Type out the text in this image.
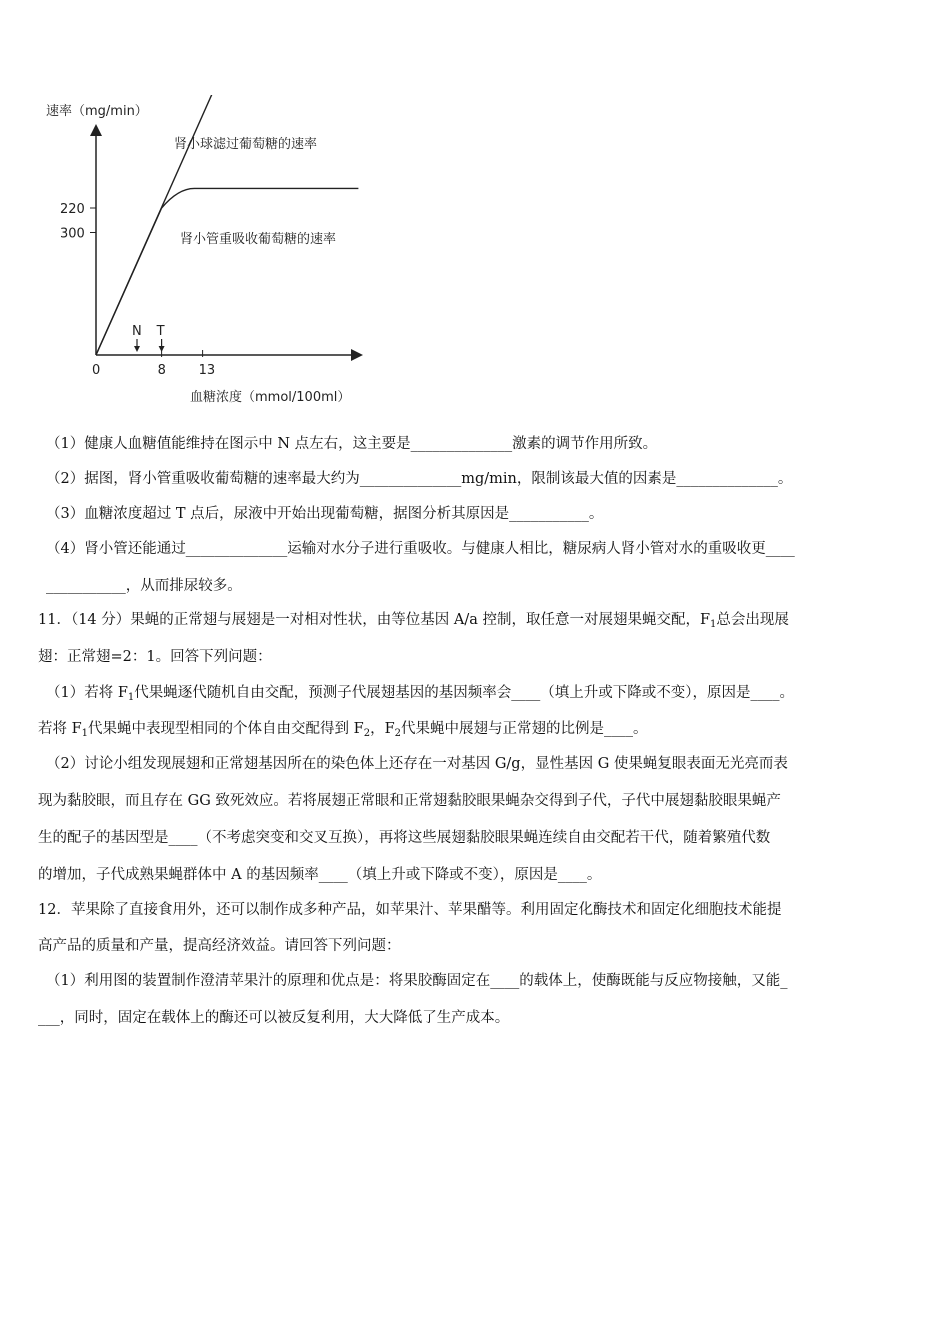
速率（mg/min）
0	8	13
300
220
N T
肾小球滤过葡萄糖的速率
肾小管重吸收葡萄糖的速率
血糖浓度（mmol/100ml）
（1）健康人血糖值能维持在图示中 N 点左右，这主要是______________激素的调节作用所致。
（2）据图，肾小管重吸收葡萄糖的速率最大约为______________mg/min，限制该最大值的因素是______________。
（3）血糖浓度超过 T 点后，尿液中开始出现葡萄糖，据图分析其原因是___________。
（4）肾小管还能通过______________运输对水分子进行重吸收。与健康人相比，糖尿病人肾小管对水的重吸收更____
___________，从而排尿较多。
11．（14 分）果蝇的正常翅与展翅是一对相对性状，由等位基因 A/a 控制，取任意一对展翅果蝇交配，$F_1$总会出现展
翅：正常翅=2：1。回答下列问题：
（1）若将 $F_1$代果蝇逐代随机自由交配，预测子代展翅基因的基因频率会____（填上升或下降或不变），原因是____。
若将 $F_1$代果蝇中表现型相同的个体自由交配得到 $F_2$，$F_2$代果蝇中展翅与正常翅的比例是____。
（2）讨论小组发现展翅和正常翅基因所在的染色体上还存在一对基因 G/g，显性基因 G 使果蝇复眼表面无光亮而表
现为黏胶眼，而且存在 GG 致死效应。若将展翅正常眼和正常翅黏胶眼果蝇杂交得到子代，子代中展翅黏胶眼果蝇产
生的配子的基因型是____（不考虑突变和交叉互换），再将这些展翅黏胶眼果蝇连续自由交配若干代，随着繁殖代数
的增加，子代成熟果蝇群体中 A 的基因频率____（填上升或下降或不变），原因是____。
12．苹果除了直接食用外，还可以制作成多种产品，如苹果汁、苹果醋等。利用固定化酶技术和固定化细胞技术能提
高产品的质量和产量，提高经济效益。请回答下列问题：
（1）利用图的装置制作澄清苹果汁的原理和优点是：将果胶酶固定在____的载体上，使酶既能与反应物接触，又能_
___，同时，固定在载体上的酶还可以被反复利用，大大降低了生产成本。
